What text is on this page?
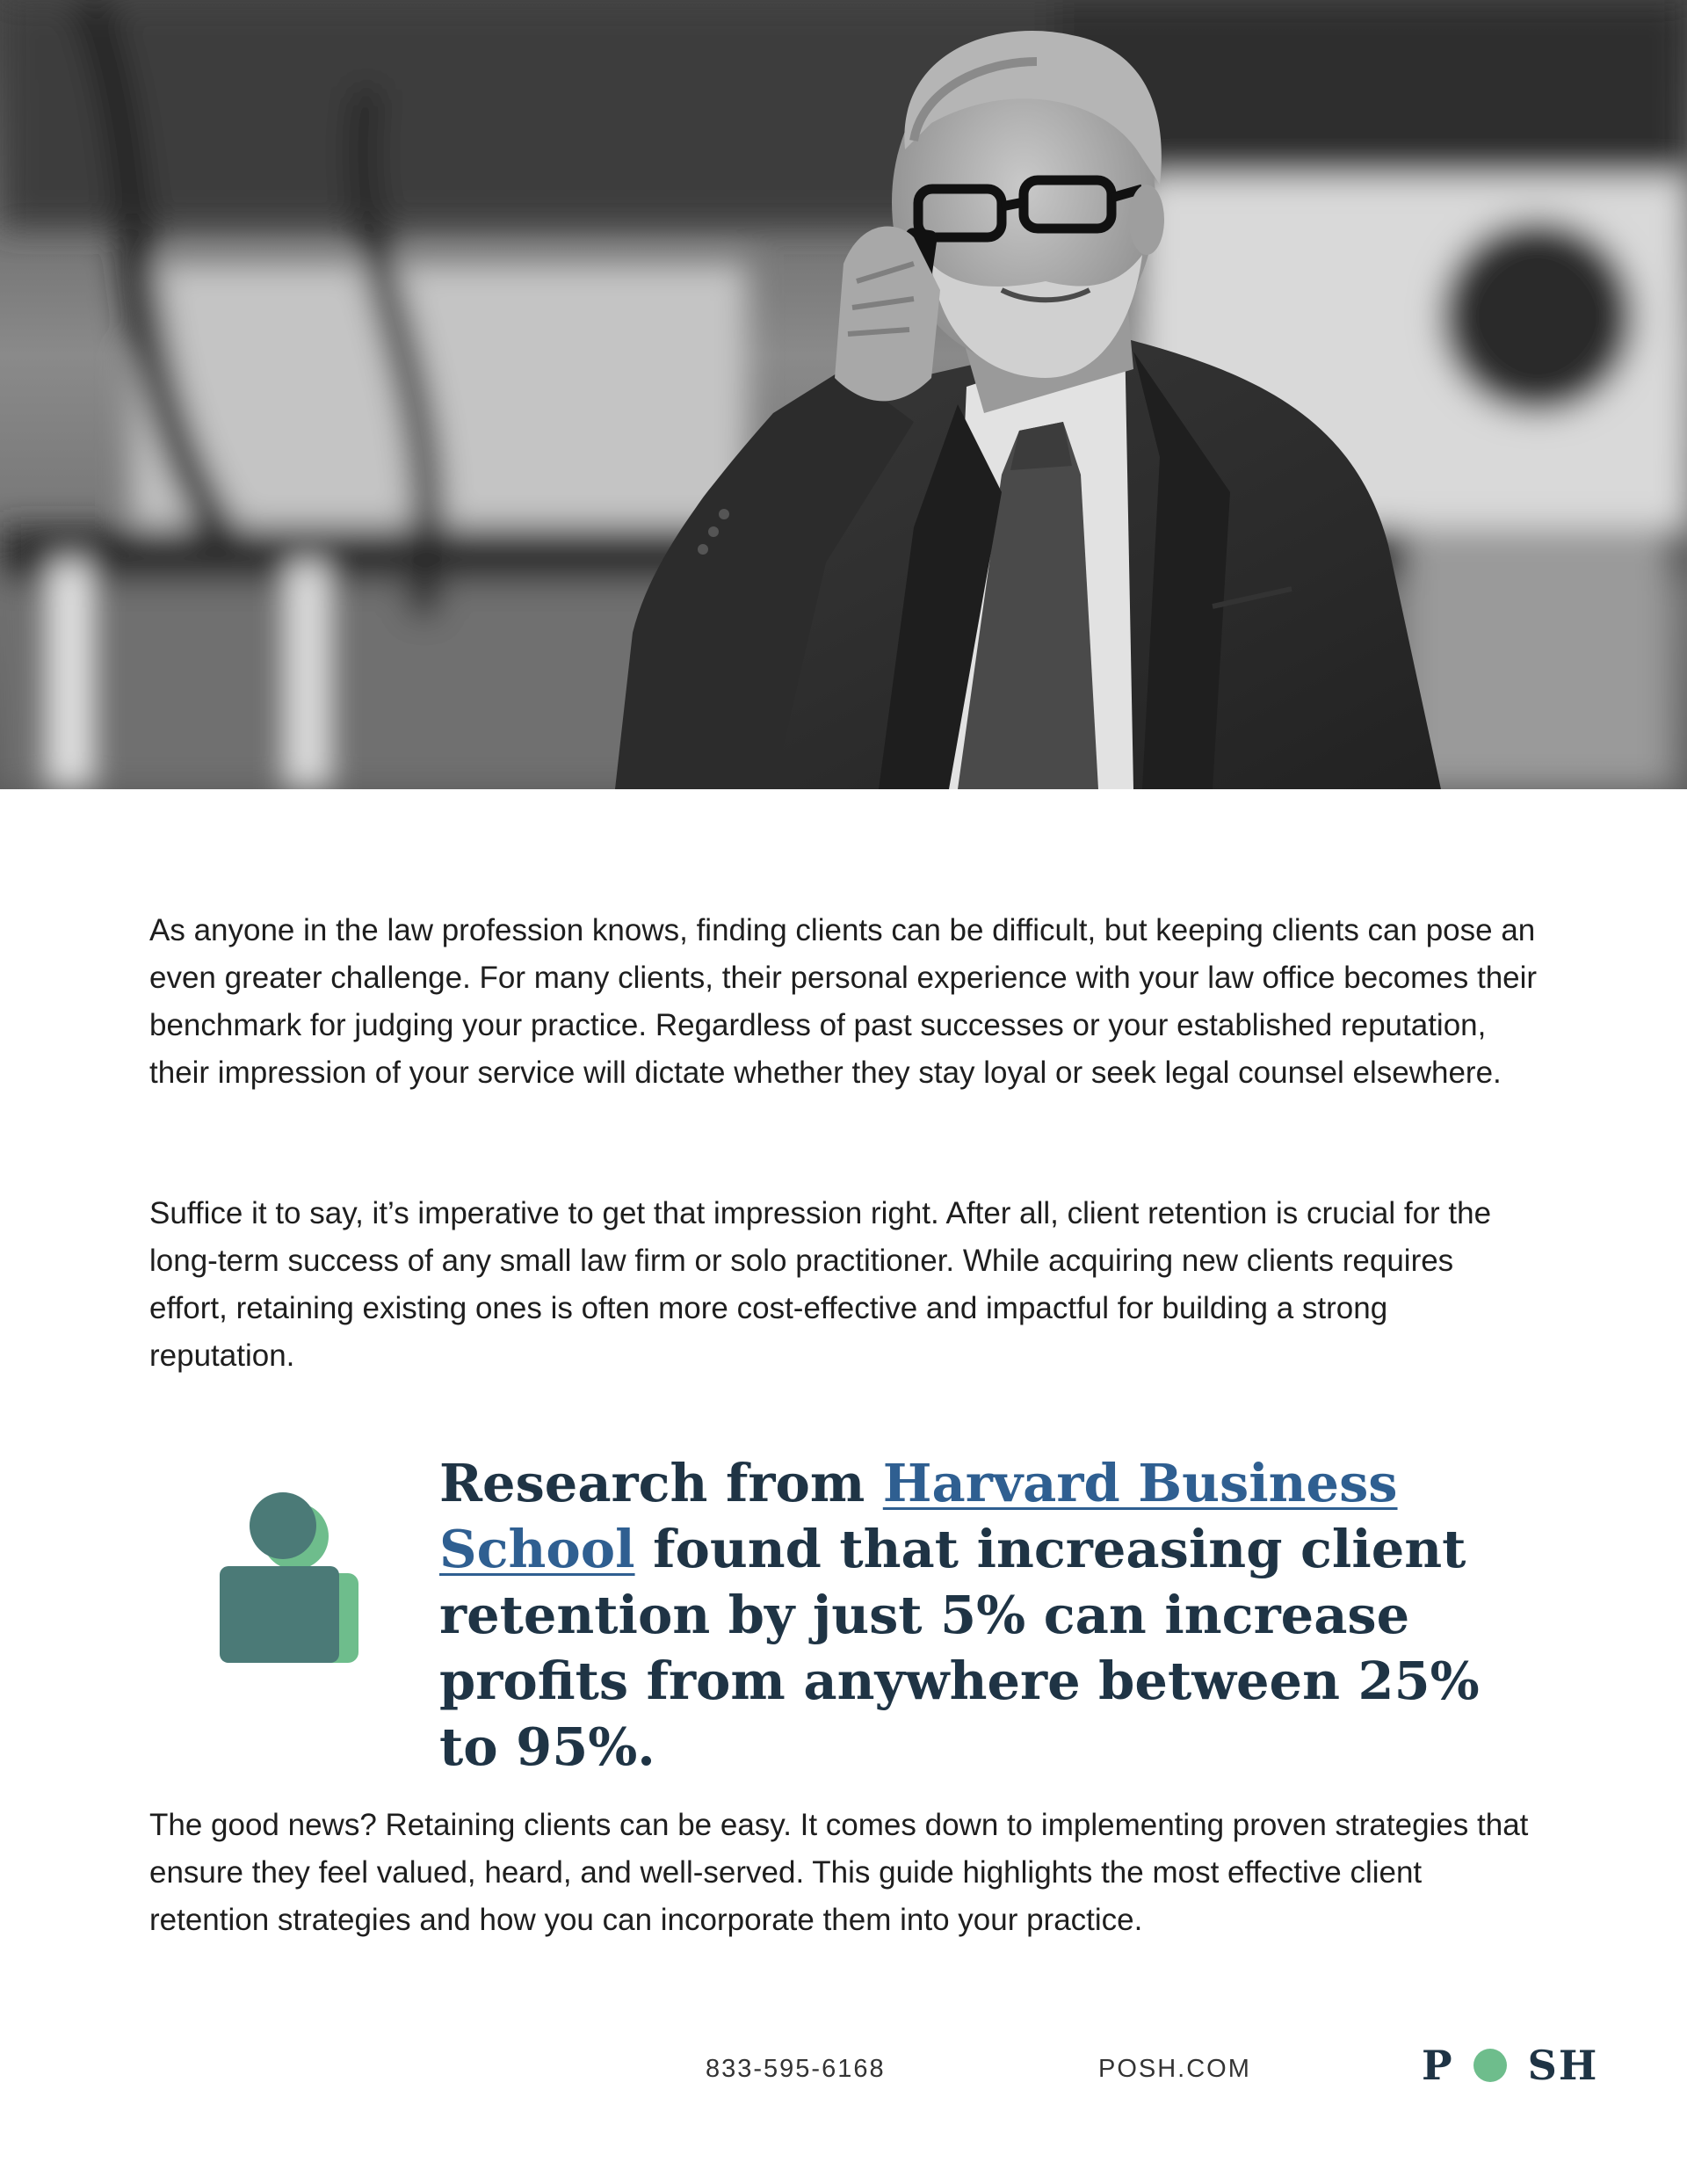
As anyone in the law profession knows, finding clients can be difficult, but keeping clients can pose an even greater challenge. For many clients, their personal experience with your law office becomes their benchmark for judging your practice. Regardless of past successes or your established reputation, their impression of your service will dictate whether they stay loyal or seek legal counsel elsewhere.

Suffice it to say, it’s imperative to get that impression right. After all, client retention is crucial for the long-term success of any small law firm or solo practitioner. While acquiring new clients requires effort, retaining existing ones is often more cost-effective and impactful for building a strong reputation.

Research from Harvard Business School found that increasing client retention by just 5% can increase profits from anywhere between 25% to 95%.

The good news? Retaining clients can be easy. It comes down to implementing proven strategies that ensure they feel valued, heard, and well-served. This guide highlights the most effective client retention strategies and how you can incorporate them into your practice.

833-595-6168	POSH.COM	P SH
